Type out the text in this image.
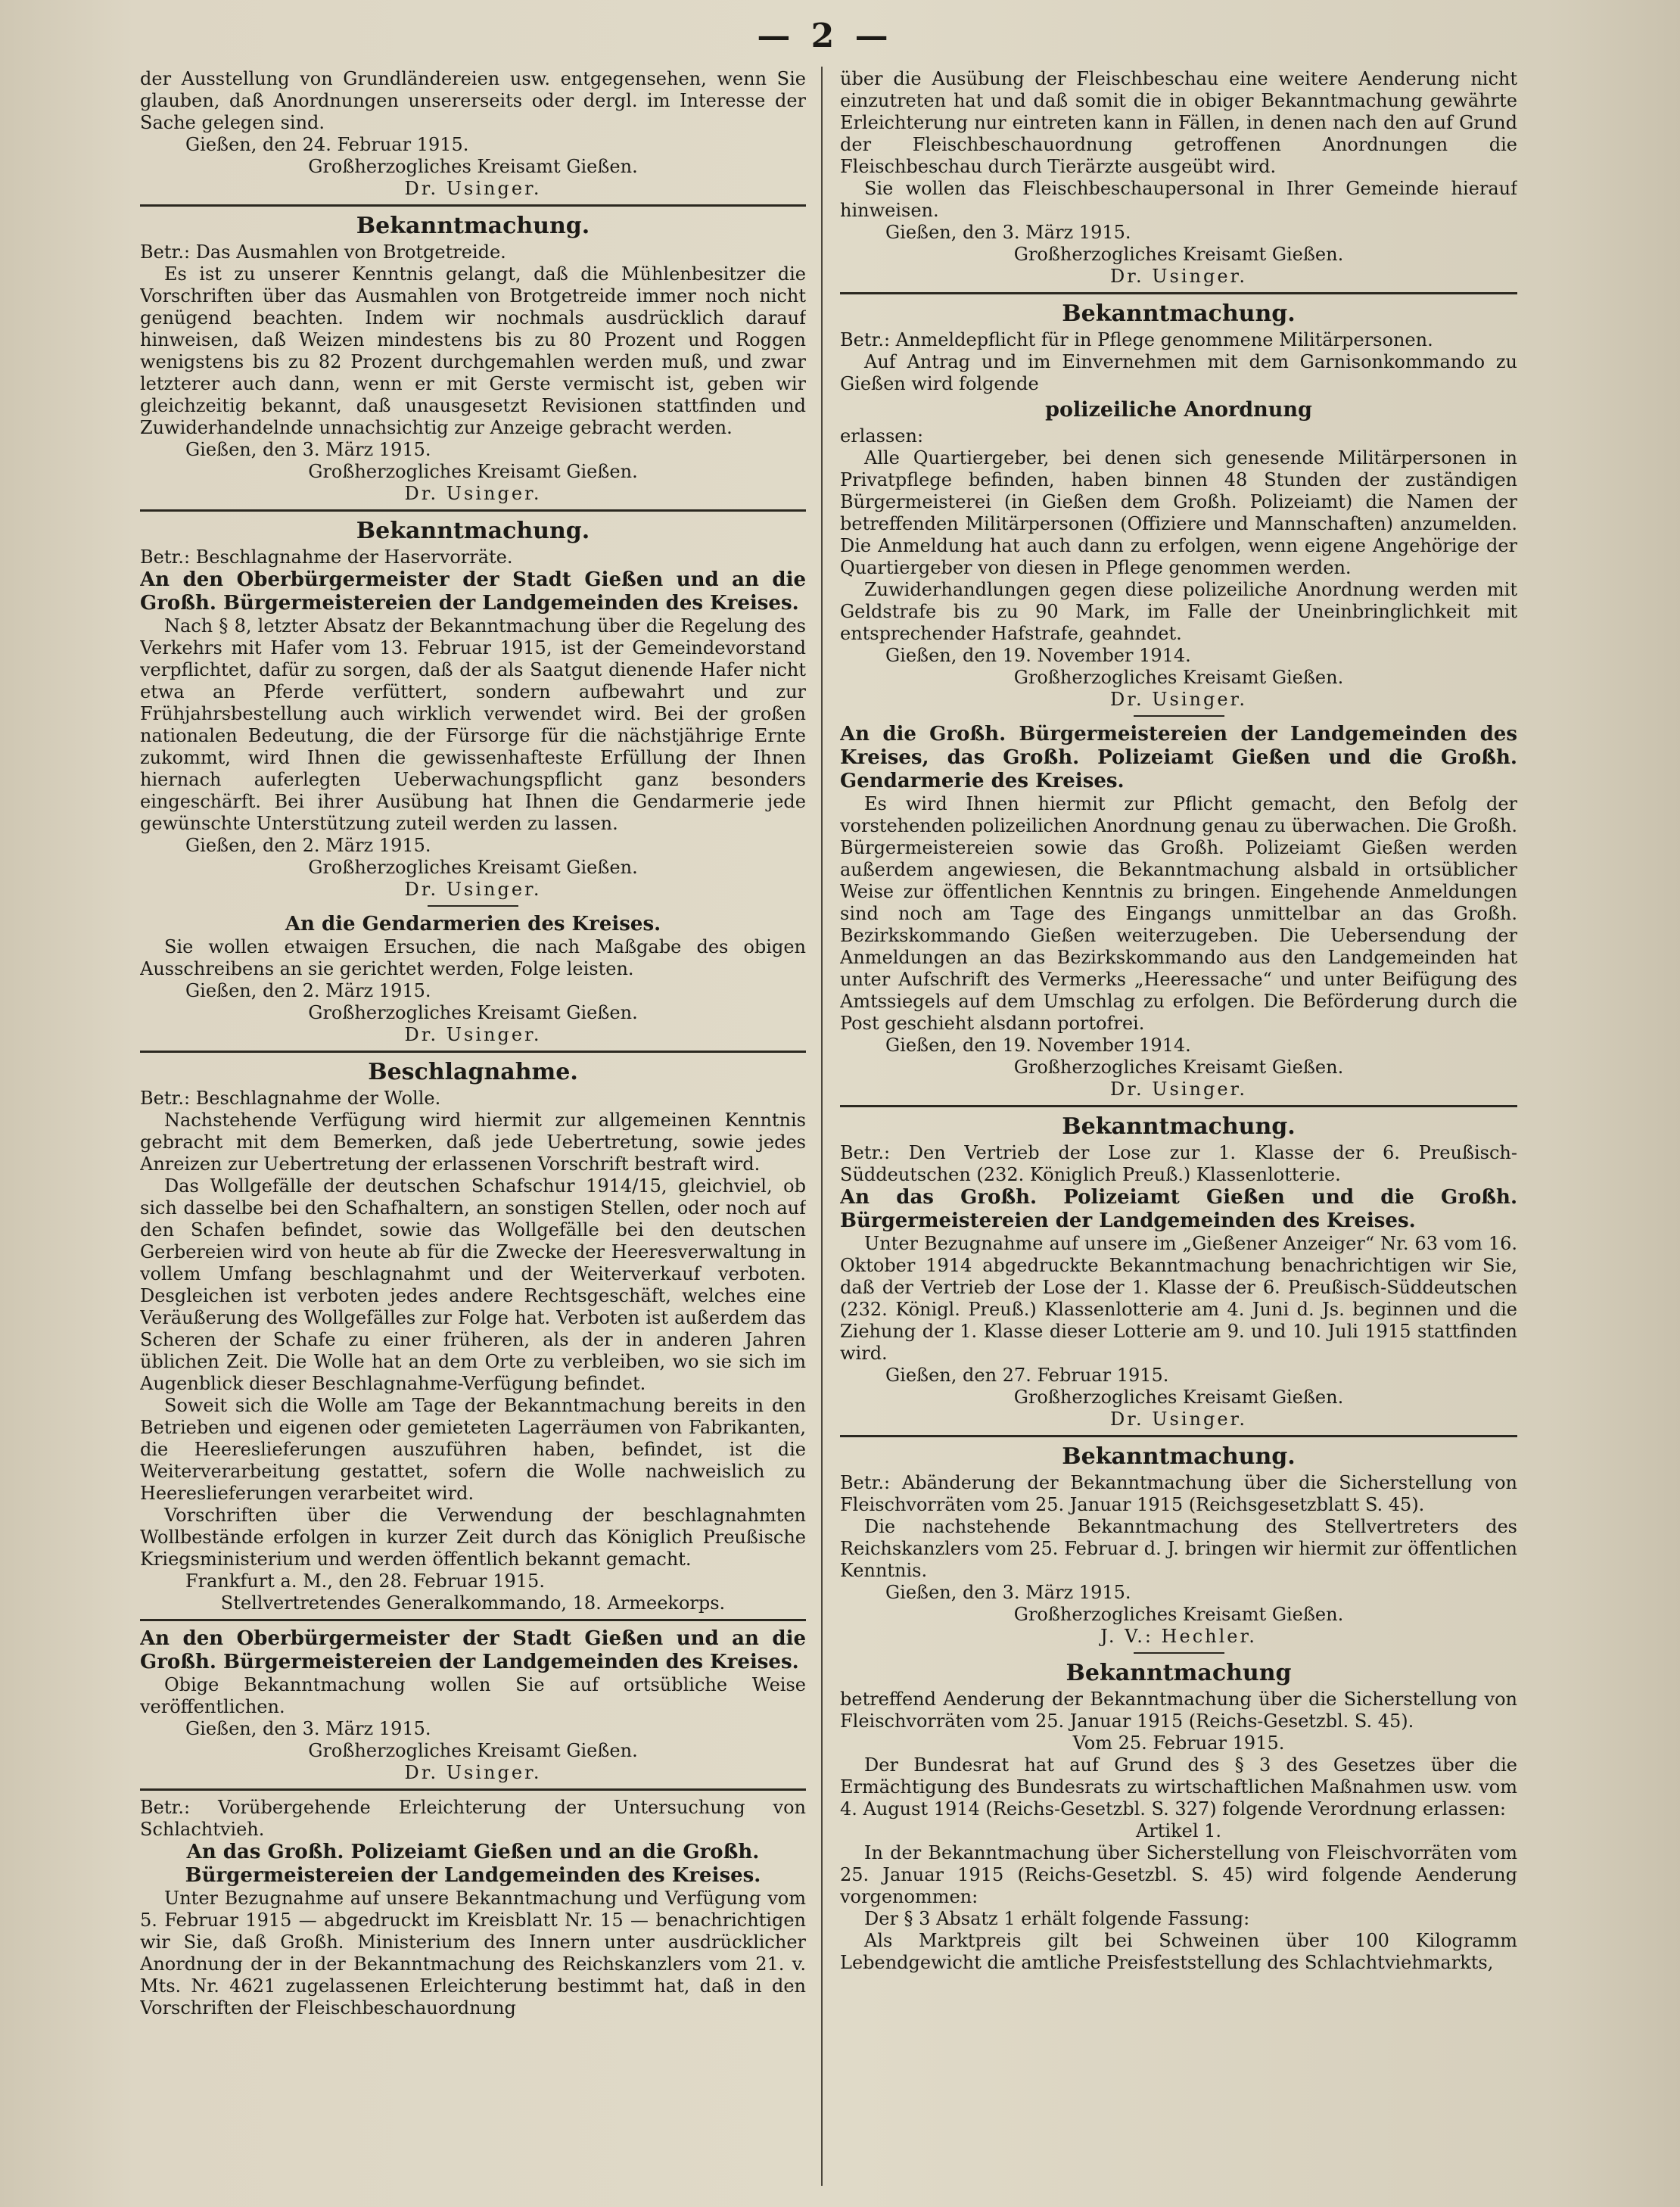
— 2 —

der Ausstellung von Grundländereien usw. entgegensehen, wenn Sie glauben, daß Anordnungen unsererseits oder dergl. im Interesse der Sache gelegen sind.

Gießen, den 24. Februar 1915.
Großherzogliches Kreisamt Gießen.
Dr. Usinger.
Bekanntmachung.

Betr.: Das Ausmahlen von Brotgetreide.

Es ist zu unserer Kenntnis gelangt, daß die Mühlenbesitzer die Vorschriften über das Ausmahlen von Brotgetreide immer noch nicht genügend beachten. Indem wir nochmals ausdrücklich darauf hinweisen, daß Weizen mindestens bis zu 80 Prozent und Roggen wenigstens bis zu 82 Prozent durchgemahlen werden muß, und zwar letzterer auch dann, wenn er mit Gerste vermischt ist, geben wir gleichzeitig bekannt, daß unausgesetzt Revisionen stattfinden und Zuwiderhandelnde unnachsichtig zur Anzeige gebracht werden.

Gießen, den 3. März 1915.
Großherzogliches Kreisamt Gießen.
Dr. Usinger.
Bekanntmachung.

Betr.: Beschlagnahme der Haservorräte.

An den Oberbürgermeister der Stadt Gießen und an die Großh. Bürgermeistereien der Landgemeinden des Kreises.

Nach § 8, letzter Absatz der Bekanntmachung über die Regelung des Verkehrs mit Hafer vom 13. Februar 1915, ist der Gemeindevorstand verpflichtet, dafür zu sorgen, daß der als Saatgut dienende Hafer nicht etwa an Pferde verfüttert, sondern aufbewahrt und zur Frühjahrsbestellung auch wirklich verwendet wird. Bei der großen nationalen Bedeutung, die der Fürsorge für die nächstjährige Ernte zukommt, wird Ihnen die gewissenhafteste Erfüllung der Ihnen hiernach auferlegten Ueberwachungspflicht ganz besonders eingeschärft. Bei ihrer Ausübung hat Ihnen die Gendarmerie jede gewünschte Unterstützung zuteil werden zu lassen.

Gießen, den 2. März 1915.
Großherzogliches Kreisamt Gießen.
Dr. Usinger.
An die Gendarmerien des Kreises.

Sie wollen etwaigen Ersuchen, die nach Maßgabe des obigen Ausschreibens an sie gerichtet werden, Folge leisten.

Gießen, den 2. März 1915.
Großherzogliches Kreisamt Gießen.
Dr. Usinger.
Beschlagnahme.

Betr.: Beschlagnahme der Wolle.

Nachstehende Verfügung wird hiermit zur allgemeinen Kenntnis gebracht mit dem Bemerken, daß jede Uebertretung, sowie jedes Anreizen zur Uebertretung der erlassenen Vorschrift bestraft wird.

Das Wollgefälle der deutschen Schafschur 1914/15, gleichviel, ob sich dasselbe bei den Schafhaltern, an sonstigen Stellen, oder noch auf den Schafen befindet, sowie das Wollgefälle bei den deutschen Gerbereien wird von heute ab für die Zwecke der Heeresverwaltung in vollem Umfang beschlagnahmt und der Weiterverkauf verboten. Desgleichen ist verboten jedes andere Rechtsgeschäft, welches eine Veräußerung des Wollgefälles zur Folge hat. Verboten ist außerdem das Scheren der Schafe zu einer früheren, als der in anderen Jahren üblichen Zeit. Die Wolle hat an dem Orte zu verbleiben, wo sie sich im Augenblick dieser Beschlagnahme-Verfügung befindet.

Soweit sich die Wolle am Tage der Bekanntmachung bereits in den Betrieben und eigenen oder gemieteten Lagerräumen von Fabrikanten, die Heereslieferungen auszuführen haben, befindet, ist die Weiterverarbeitung gestattet, sofern die Wolle nachweislich zu Heereslieferungen verarbeitet wird.

Vorschriften über die Verwendung der beschlagnahmten Wollbestände erfolgen in kurzer Zeit durch das Königlich Preußische Kriegsministerium und werden öffentlich bekannt gemacht.

Frankfurt a. M., den 28. Februar 1915.
Stellvertretendes Generalkommando, 18. Armeekorps.
An den Oberbürgermeister der Stadt Gießen und an die Großh. Bürgermeistereien der Landgemeinden des Kreises.

Obige Bekanntmachung wollen Sie auf ortsübliche Weise veröffentlichen.

Gießen, den 3. März 1915.
Großherzogliches Kreisamt Gießen.
Dr. Usinger.

Betr.: Vorübergehende Erleichterung der Untersuchung von Schlachtvieh.

An das Großh. Polizeiamt Gießen und an die Großh. Bürgermeistereien der Landgemeinden des Kreises.

Unter Bezugnahme auf unsere Bekanntmachung und Verfügung vom 5. Februar 1915 — abgedruckt im Kreisblatt Nr. 15 — benachrichtigen wir Sie, daß Großh. Ministerium des Innern unter ausdrücklicher Anordnung der in der Bekanntmachung des Reichskanzlers vom 21. v. Mts. Nr. 4621 zugelassenen Erleichterung bestimmt hat, daß in den Vorschriften der Fleischbeschauordnung

über die Ausübung der Fleischbeschau eine weitere Aenderung nicht einzutreten hat und daß somit die in obiger Bekanntmachung gewährte Erleichterung nur eintreten kann in Fällen, in denen nach den auf Grund der Fleischbeschauordnung getroffenen Anordnungen die Fleischbeschau durch Tierärzte ausgeübt wird.

Sie wollen das Fleischbeschaupersonal in Ihrer Gemeinde hierauf hinweisen.

Gießen, den 3. März 1915.
Großherzogliches Kreisamt Gießen.
Dr. Usinger.
Bekanntmachung.

Betr.: Anmeldepflicht für in Pflege genommene Militärpersonen.

Auf Antrag und im Einvernehmen mit dem Garnisonkommando zu Gießen wird folgende

polizeiliche Anordnung

erlassen:

Alle Quartiergeber, bei denen sich genesende Militärpersonen in Privatpflege befinden, haben binnen 48 Stunden der zuständigen Bürgermeisterei (in Gießen dem Großh. Polizeiamt) die Namen der betreffenden Militärpersonen (Offiziere und Mannschaften) anzumelden. Die Anmeldung hat auch dann zu erfolgen, wenn eigene Angehörige der Quartiergeber von diesen in Pflege genommen werden.

Zuwiderhandlungen gegen diese polizeiliche Anordnung werden mit Geldstrafe bis zu 90 Mark, im Falle der Uneinbringlichkeit mit entsprechender Hafstrafe, geahndet.

Gießen, den 19. November 1914.
Großherzogliches Kreisamt Gießen.
Dr. Usinger.
An die Großh. Bürgermeistereien der Landgemeinden des Kreises, das Großh. Polizeiamt Gießen und die Großh. Gendarmerie des Kreises.

Es wird Ihnen hiermit zur Pflicht gemacht, den Befolg der vorstehenden polizeilichen Anordnung genau zu überwachen. Die Großh. Bürgermeistereien sowie das Großh. Polizeiamt Gießen werden außerdem angewiesen, die Bekanntmachung alsbald in ortsüblicher Weise zur öffentlichen Kenntnis zu bringen. Eingehende Anmeldungen sind noch am Tage des Eingangs unmittelbar an das Großh. Bezirkskommando Gießen weiterzugeben. Die Uebersendung der Anmeldungen an das Bezirkskommando aus den Landgemeinden hat unter Aufschrift des Vermerks „Heeressache“ und unter Beifügung des Amtssiegels auf dem Umschlag zu erfolgen. Die Beförderung durch die Post geschieht alsdann portofrei.

Gießen, den 19. November 1914.
Großherzogliches Kreisamt Gießen.
Dr. Usinger.
Bekanntmachung.

Betr.: Den Vertrieb der Lose zur 1. Klasse der 6. Preußisch-Süddeutschen (232. Königlich Preuß.) Klassenlotterie.

An das Großh. Polizeiamt Gießen und die Großh. Bürgermeistereien der Landgemeinden des Kreises.

Unter Bezugnahme auf unsere im „Gießener Anzeiger“ Nr. 63 vom 16. Oktober 1914 abgedruckte Bekanntmachung benachrichtigen wir Sie, daß der Vertrieb der Lose der 1. Klasse der 6. Preußisch-Süddeutschen (232. Königl. Preuß.) Klassenlotterie am 4. Juni d. Js. beginnen und die Ziehung der 1. Klasse dieser Lotterie am 9. und 10. Juli 1915 stattfinden wird.

Gießen, den 27. Februar 1915.
Großherzogliches Kreisamt Gießen.
Dr. Usinger.
Bekanntmachung.

Betr.: Abänderung der Bekanntmachung über die Sicherstellung von Fleischvorräten vom 25. Januar 1915 (Reichsgesetzblatt S. 45).

Die nachstehende Bekanntmachung des Stellvertreters des Reichskanzlers vom 25. Februar d. J. bringen wir hiermit zur öffentlichen Kenntnis.

Gießen, den 3. März 1915.
Großherzogliches Kreisamt Gießen.
J. V.: Hechler.
Bekanntmachung

betreffend Aenderung der Bekanntmachung über die Sicherstellung von Fleischvorräten vom 25. Januar 1915 (Reichs-Gesetzbl. S. 45).

Vom 25. Februar 1915.

Der Bundesrat hat auf Grund des § 3 des Gesetzes über die Ermächtigung des Bundesrats zu wirtschaftlichen Maßnahmen usw. vom 4. August 1914 (Reichs-Gesetzbl. S. 327) folgende Verordnung erlassen:

Artikel 1.

In der Bekanntmachung über Sicherstellung von Fleischvorräten vom 25. Januar 1915 (Reichs-Gesetzbl. S. 45) wird folgende Aenderung vorgenommen:

Der § 3 Absatz 1 erhält folgende Fassung:

Als Marktpreis gilt bei Schweinen über 100 Kilogramm Lebendgewicht die amtliche Preisfeststellung des Schlachtviehmarkts,
